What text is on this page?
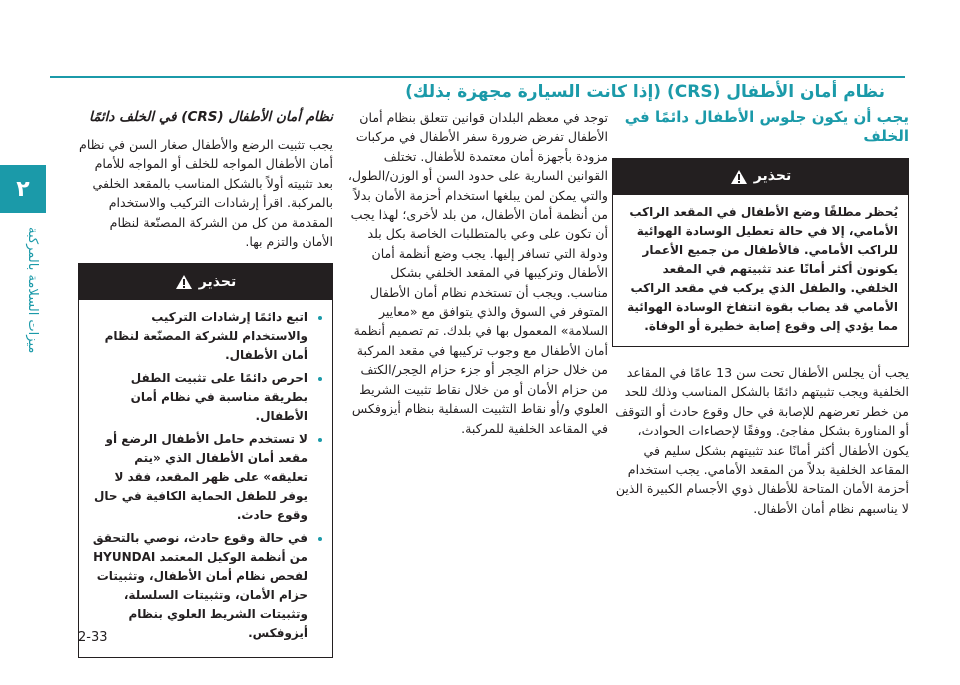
٢
ميزات السلامة بالمركبة
نظام أمان الأطفال (CRS) (إذا كانت السيارة مجهزة بذلك)
يجب أن يكون جلوس الأطفال دائمًا في الخلف
تحذير
يُحظر مطلقًا وضع الأطفال في المقعد الراكب الأمامي، إلا في حالة تعطيل الوسادة الهوائية للراكب الأمامي. فالأطفال من جميع الأعمار يكونون أكثر أمانًا عند تثبيتهم في المقعد الخلفي. والطفل الذي يركب في مقعد الراكب الأمامي قد يصاب بقوة انتفاخ الوسادة الهوائية مما يؤدي إلى وقوع إصابة خطيرة أو الوفاة.

يجب أن يجلس الأطفال تحت سن 13 عامًا في المقاعد الخلفية ويجب تثبيتهم دائمًا بالشكل المناسب وذلك للحد من خطر تعرضهم للإصابة في حال وقوع حادث أو التوقف أو المناورة بشكل مفاجئ. ووفقًا لإحصاءات الحوادث، يكون الأطفال أكثر أمانًا عند تثبيتهم بشكل سليم في المقاعد الخلفية بدلاً من المقعد الأمامي. يجب استخدام أحزمة الأمان المتاحة للأطفال ذوي الأجسام الكبيرة الذين لا يناسبهم نظام أمان الأطفال.

توجد في معظم البلدان قوانين تتعلق بنظام أمان الأطفال تفرض ضرورة سفر الأطفال في مركبات مزودة بأجهزة أمان معتمدة للأطفال. تختلف القوانين السارية على حدود السن أو الوزن/الطول، والتي يمكن لمن يبلغها استخدام أحزمة الأمان بدلاً من أنظمة أمان الأطفال، من بلد لأخرى؛ لهذا يجب أن تكون على وعي بالمتطلبات الخاصة بكل بلد ودولة التي تسافر إليها. يجب وضع أنظمة أمان الأطفال وتركيبها في المقعد الخلفي بشكل مناسب. ويجب أن تستخدم نظام أمان الأطفال المتوفر في السوق والذي يتوافق مع «معايير السلامة» المعمول بها في بلدك. تم تصميم أنظمة أمان الأطفال مع وجوب تركيبها في مقعد المركبة من خلال حزام الحِجر أو جزء حزام الحِجر/الكتف من حزام الأمان أو من خلال نقاط تثبيت الشريط العلوي و/أو نقاط التثبيت السفلية بنظام أيزوفكس في المقاعد الخلفية للمركبة.

نظام أمان الأطفال (CRS) في الخلف دائمًا

يجب تثبيت الرضع والأطفال صغار السن في نظام أمان الأطفال المواجه للخلف أو المواجه للأمام بعد تثبيته أولاً بالشكل المناسب بالمقعد الخلفي بالمركبة. اقرأ إرشادات التركيب والاستخدام المقدمة من كل من الشركة المصنّعة لنظام الأمان والتزم بها.

تحذير
• اتبع دائمًا إرشادات التركيب والاستخدام للشركة المصنّعة لنظام أمان الأطفال.
• احرص دائمًا على تثبيت الطفل بطريقة مناسبة في نظام أمان الأطفال.
• لا تستخدم حامل الأطفال الرضع أو مقعد أمان الأطفال الذي «يتم تعليقه» على ظهر المقعد، فقد لا يوفر للطفل الحماية الكافية في حال وقوع حادث.
• في حالة وقوع حادث، نوصي بالتحقق من أنظمة الوكيل المعتمد HYUNDAI لفحص نظام أمان الأطفال، وتثبيتات حزام الأمان، وتثبيتات السلسلة، وتثبيتات الشريط العلوي بنظام أيزوفكس.
2-33
